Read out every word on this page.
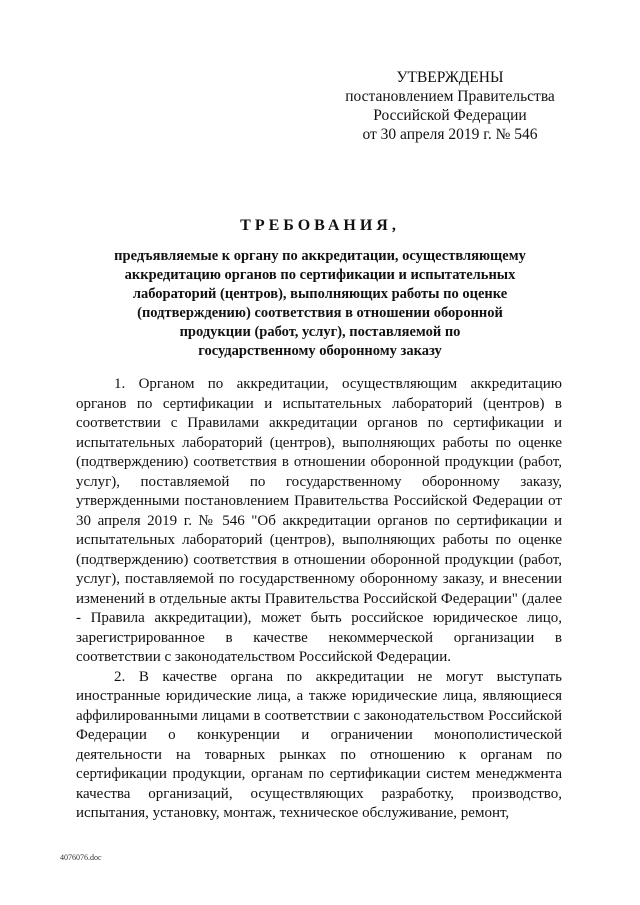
УТВЕРЖДЕНЫ
постановлением Правительства
Российской Федерации
от 30 апреля 2019 г. № 546
ТРЕБОВАНИЯ,
предъявляемые к органу по аккредитации, осуществляющему
аккредитацию органов по сертификации и испытательных
лабораторий (центров), выполняющих работы по оценке
(подтверждению) соответствия в отношении оборонной
продукции (работ, услуг), поставляемой по
государственному оборонному заказу

1. Органом по аккредитации, осуществляющим аккредитацию органов по сертификации и испытательных лабораторий (центров) в соответствии с Правилами аккредитации органов по сертификации и испытательных лабораторий (центров), выполняющих работы по оценке (подтверждению) соответствия в отношении оборонной продукции (работ, услуг), поставляемой по государственному оборонному заказу, утвержденными постановлением Правительства Российской Федерации от 30 апреля 2019 г. № 546 "Об аккредитации органов по сертификации и испытательных лабораторий (центров), выполняющих работы по оценке (подтверждению) соответствия в отношении оборонной продукции (работ, услуг), поставляемой по государственному оборонному заказу, и внесении изменений в отдельные акты Правительства Российской Федерации" (далее - Правила аккредитации), может быть российское юридическое лицо, зарегистрированное в качестве некоммерческой организации в соответствии с законодательством Российской Федерации.

2. В качестве органа по аккредитации не могут выступать иностранные юридические лица, а также юридические лица, являющиеся аффилированными лицами в соответствии с законодательством Российской Федерации о конкуренции и ограничении монополистической деятельности на товарных рынках по отношению к органам по сертификации продукции, органам по сертификации систем менеджмента качества организаций, осуществляющих разработку, производство, испытания, установку, монтаж, техническое обслуживание, ремонт,

4076076.doc
